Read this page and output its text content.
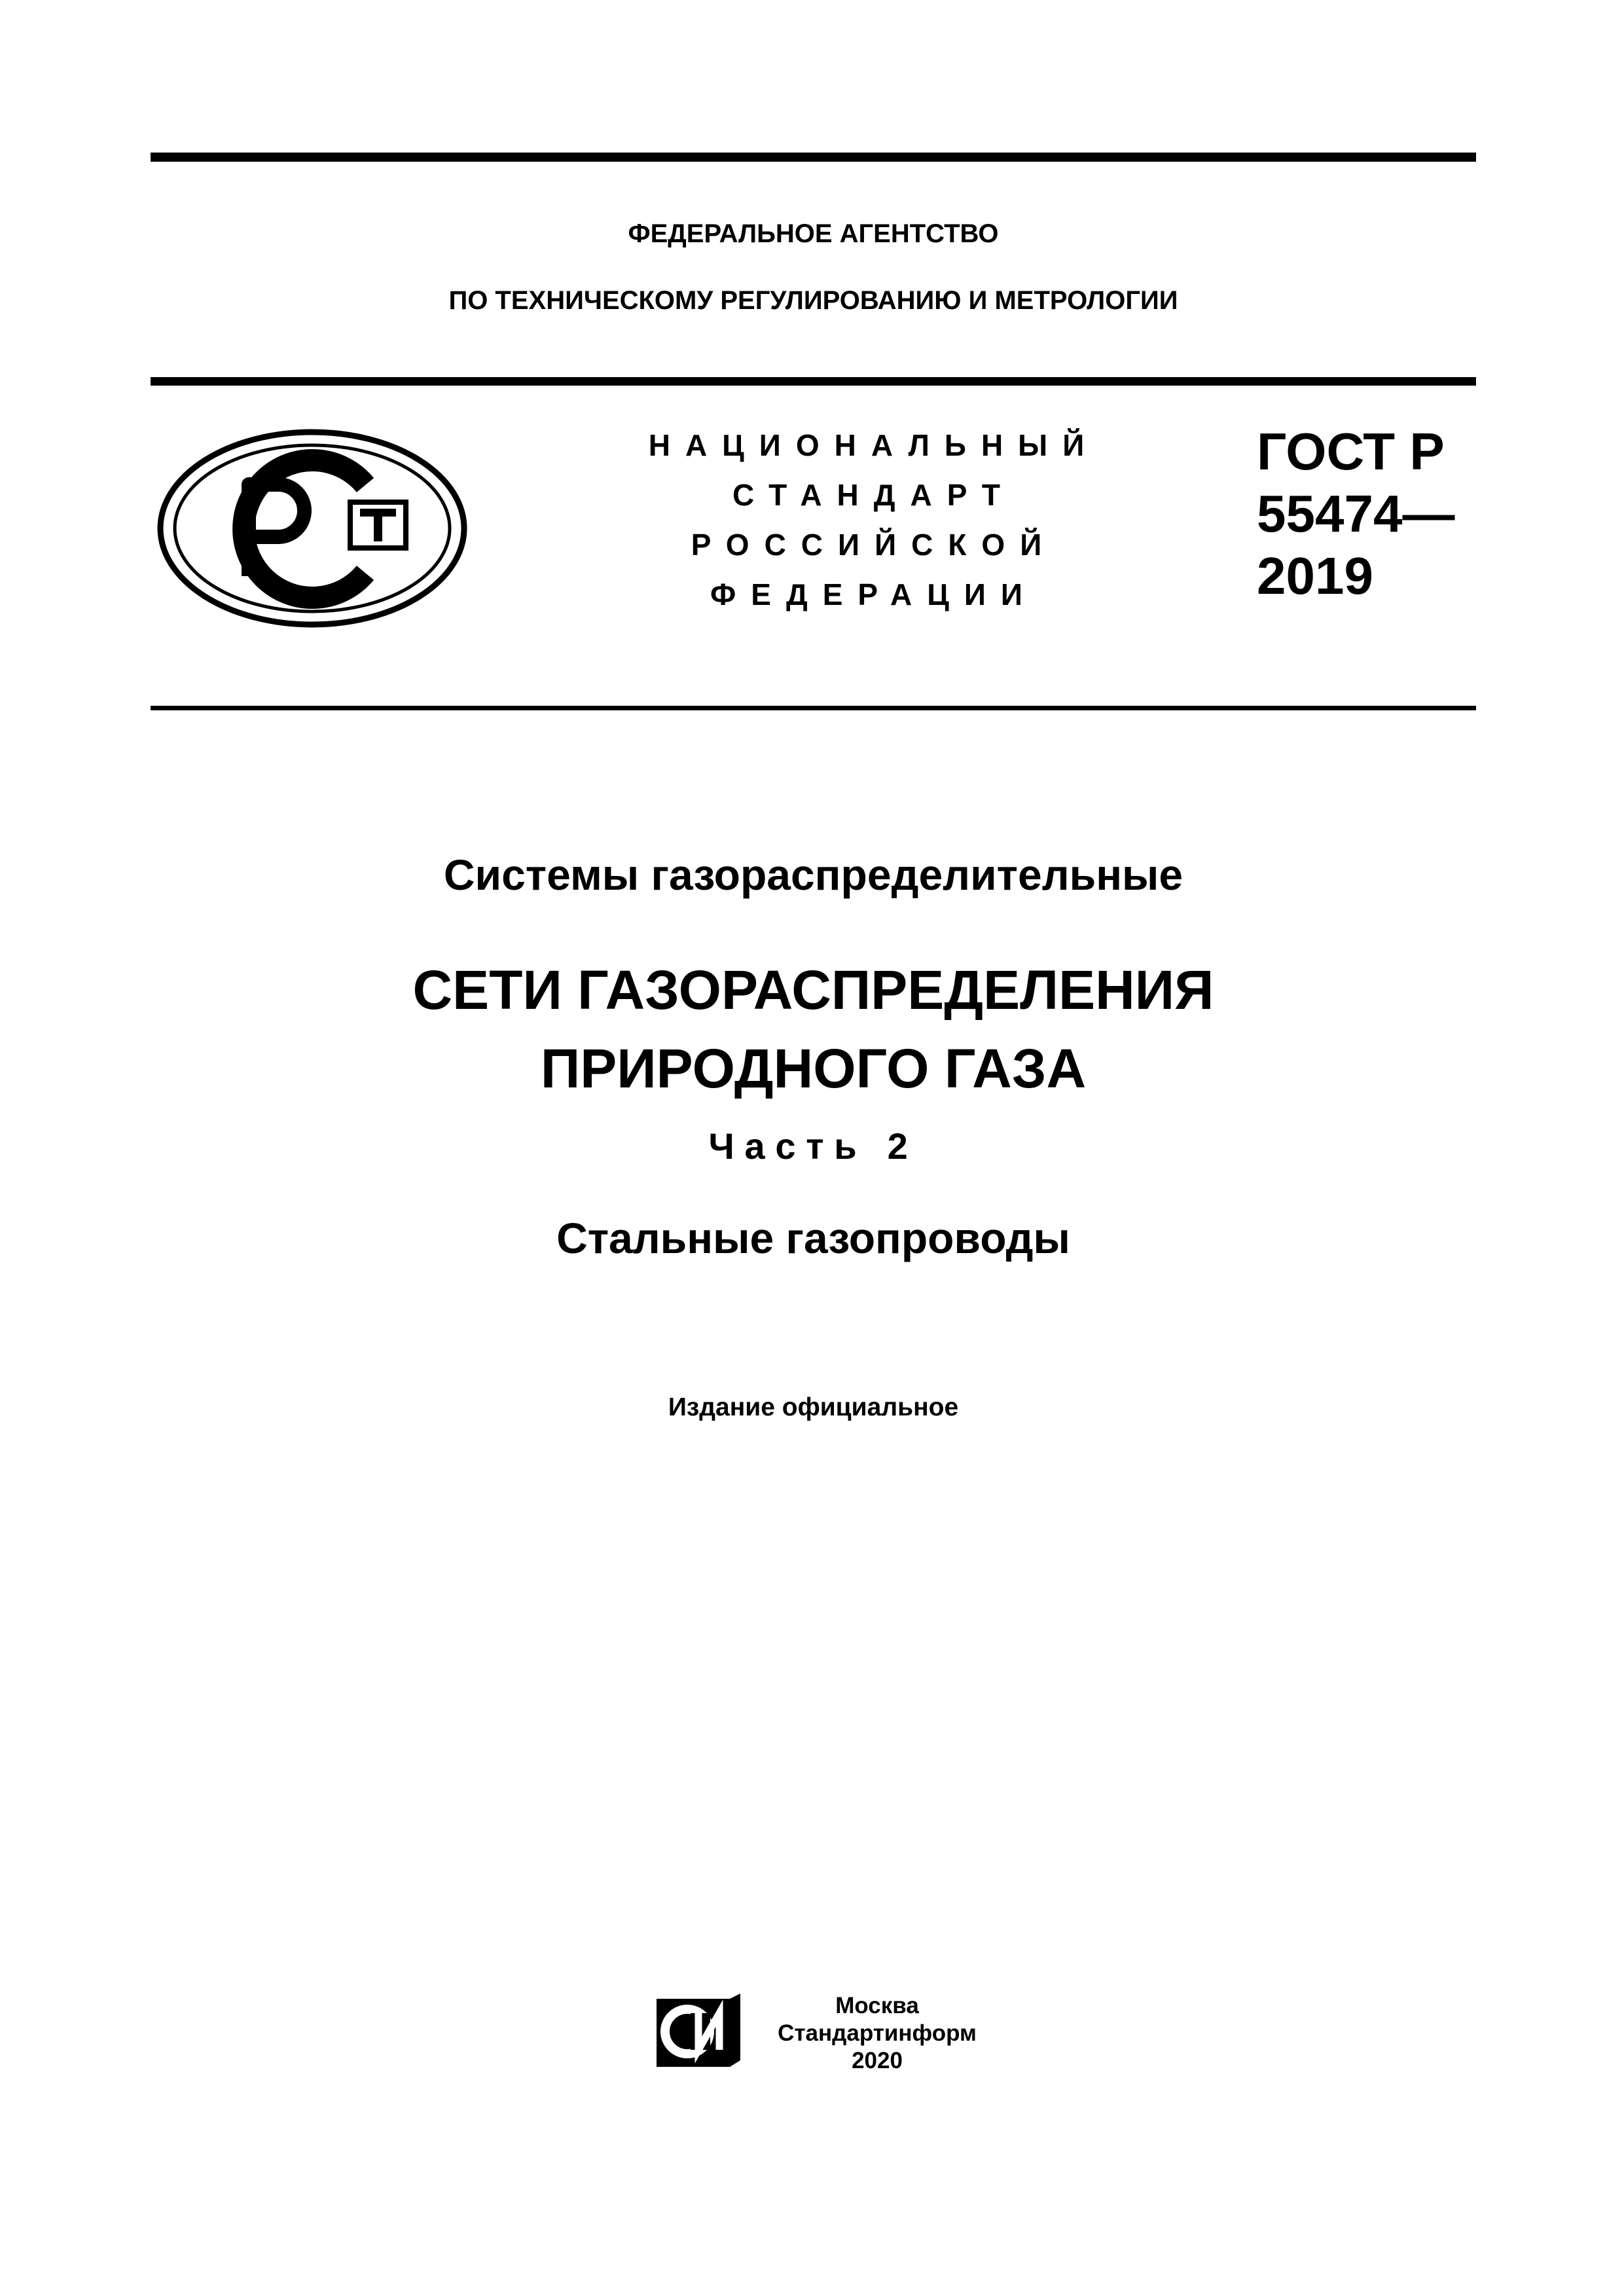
ФЕДЕРАЛЬНОЕ АГЕНТСТВО
ПО ТЕХНИЧЕСКОМУ РЕГУЛИРОВАНИЮ И МЕТРОЛОГИИ
НАЦИОНАЛЬНЫЙ
СТАНДАРТ
РОССИЙСКОЙ
ФЕДЕРАЦИИ
ГОСТ Р
55474—
2019
Системы газораспределительные
СЕТИ ГАЗОРАСПРЕДЕЛЕНИЯ
ПРИРОДНОГО ГАЗА
Часть 2
Стальные газопроводы
Издание официальное
Москва
Стандартинформ
2020
